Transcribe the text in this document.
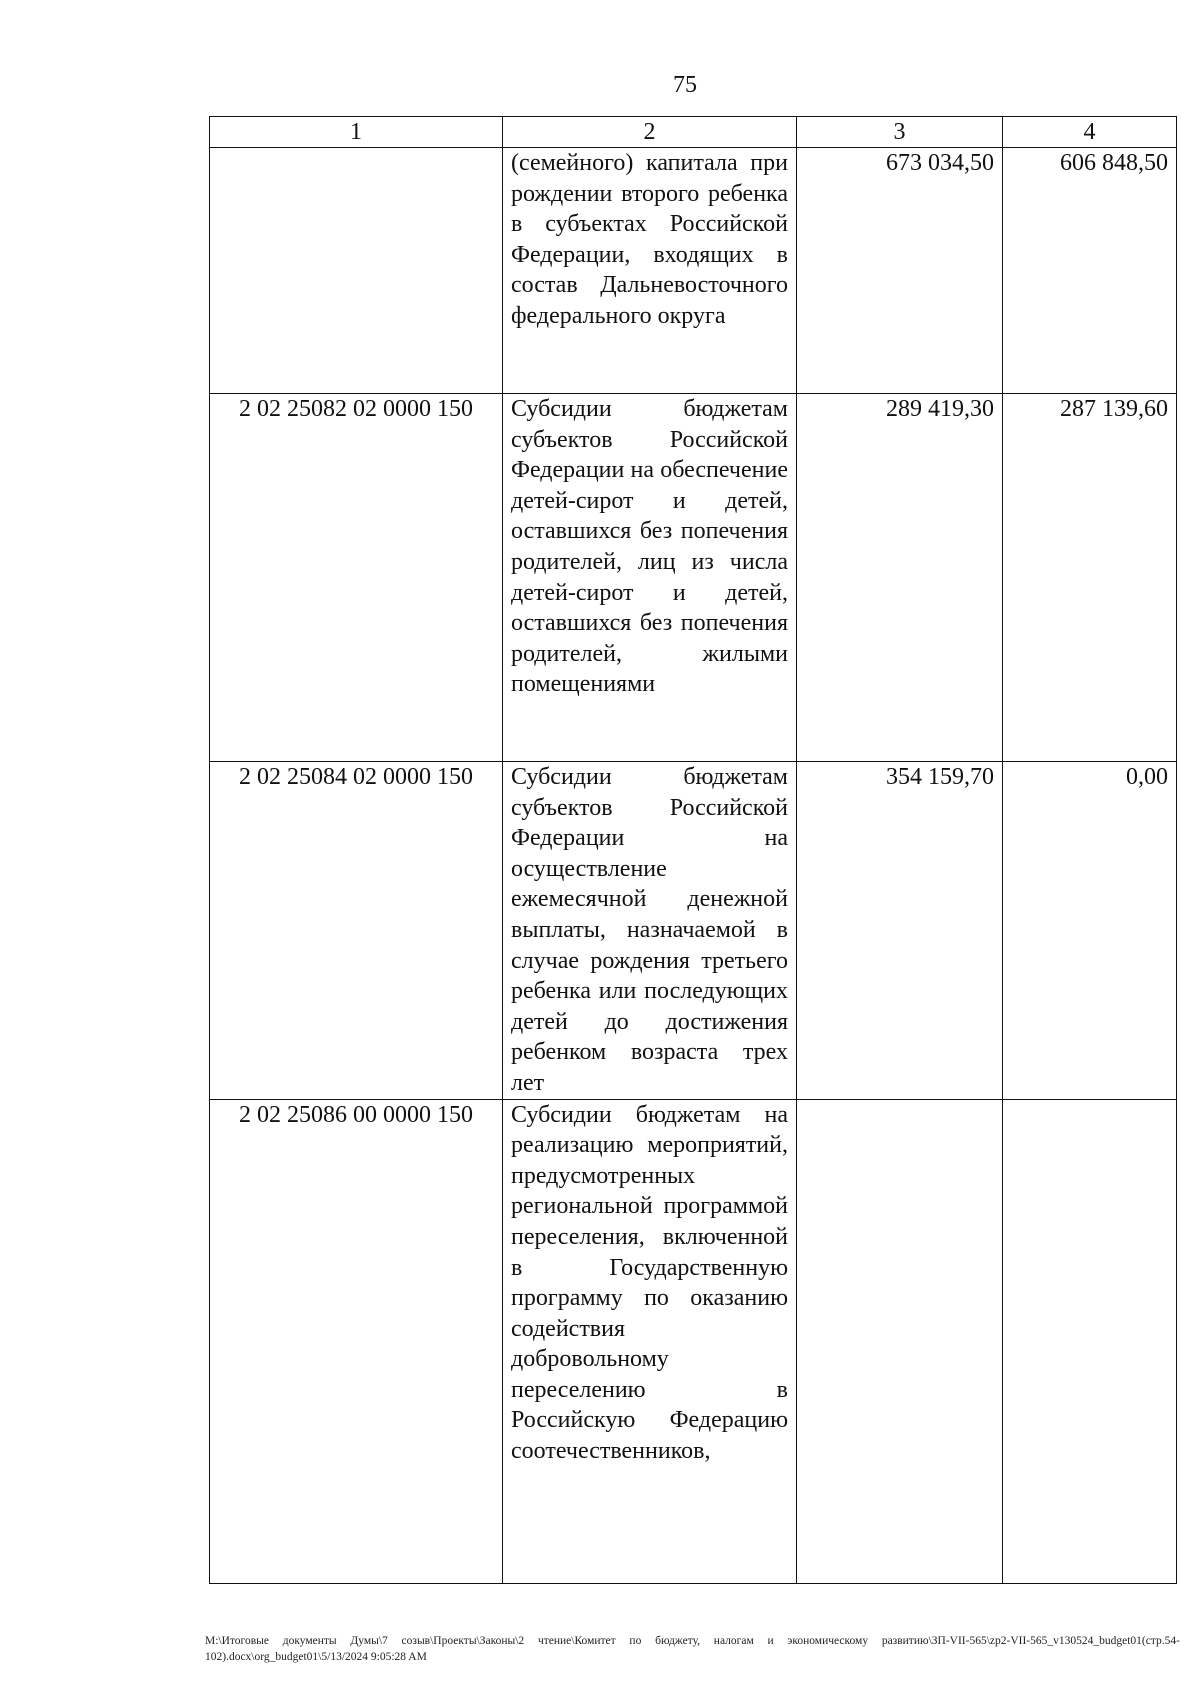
75
1	2	3	4
	(семейного) капитала при рождении второго ребенка в субъектах Российской Федерации, входящих в состав Дальневосточного федерального округа	673 034,50	606 848,50
2 02 25082 02 0000 150	Субсидии бюджетам субъектов Российской Федерации на обеспечение детей-сирот и детей, оставшихся без попечения родителей, лиц из числа детей-сирот и детей, оставшихся без попечения родителей, жилыми помещениями	289 419,30	287 139,60
2 02 25084 02 0000 150	Субсидии бюджетам субъектов Российской Федерации на осуществление ежемесячной денежной выплаты, назначаемой в случае рождения третьего ребенка или последующих детей до достижения ребенком возраста трех лет	354 159,70	0,00
2 02 25086 00 0000 150	Субсидии бюджетам на реализацию мероприятий, предусмотренных региональной программой переселения, включенной в Государственную программу по оказанию содействия добровольному переселению в Российскую Федерацию соотечественников,		
M:\Итоговые документы Думы\7 созыв\Проекты\Законы\2 чтение\Комитет по бюджету, налогам и экономическому развитию\ЗП-VII-565\zp2-VII-565_v130524_budget01(стр.54-102).docx\org_budget01\5/13/2024 9:05:28 AM
